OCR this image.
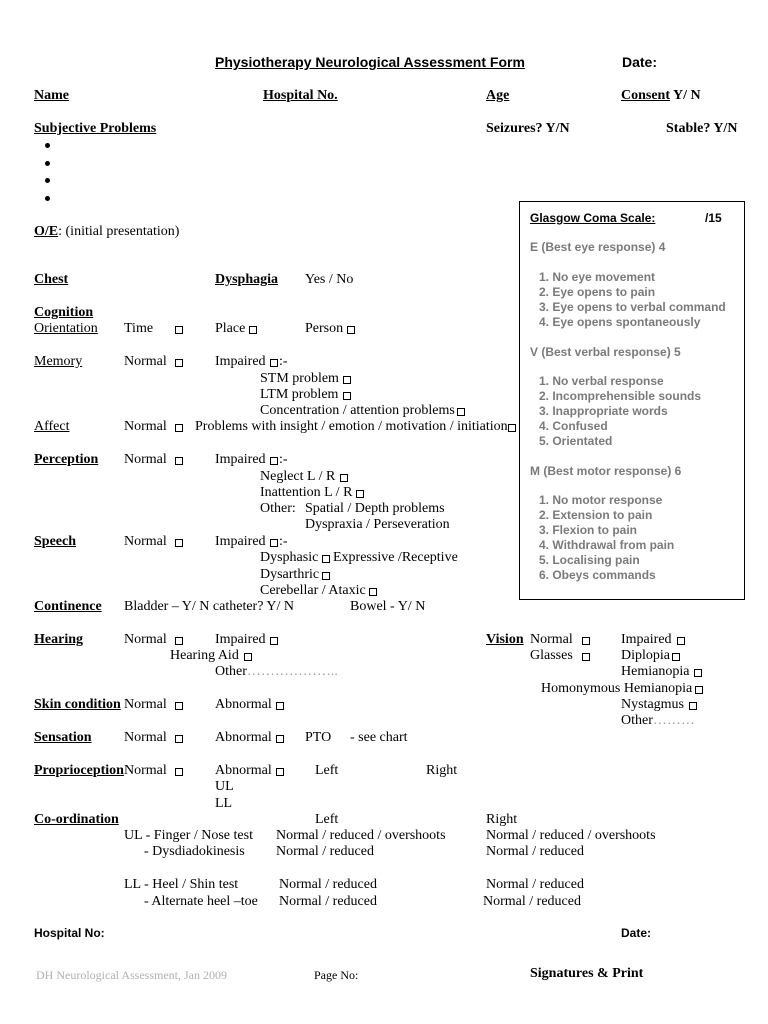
Physiotherapy Neurological Assessment Form	Date:
Name	Hospital No.	Age	Consent Y/ N
Subjective Problems	Seizures? Y/N	Stable? Y/N
O/E: (initial presentation)
Chest	Dysphagia Yes / No
Cognition
Orientation Time	Place	Person
Memory	Normal	Impaired :-
STM problem
LTM problem
Concentration / attention problems
Affect	Normal Problems with insight / emotion / motivation / initiation
Perception Normal	Impaired :-
Neglect L / R
Inattention L / R
Other: Spatial / Depth problems
Dyspraxia / Perseveration
Speech	Normal	Impaired :-
Dysphasic Expressive /Receptive
Dysarthric
Cerebellar / Ataxic
Continence Bladder – Y/ N catheter? Y/ N	Bowel - Y/ N
Hearing	Normal	Impaired
Hearing Aid
Other………………..
Vision Normal	Impaired
Glasses	Diplopia
Hemianopia
Homonymous Hemianopia
Nystagmus
Other………
Skin condition Normal	Abnormal
Sensation Normal	Abnormal PTO - see chart
Proprioception Normal	Abnormal	Left	Right
UL
LL
Co-ordination	Left	Right
UL - Finger / Nose test Normal / reduced / overshoots	Normal / reduced / overshoots
- Dysdiadokinesis Normal / reduced	Normal / reduced
LL - Heel / Shin test	Normal / reduced	Normal / reduced
- Alternate heel –toe Normal / reduced	Normal / reduced
Glasgow Coma Scale:	/15
E (Best eye response) 4
1. No eye movement
2. Eye opens to pain
3. Eye opens to verbal command
4. Eye opens spontaneously
V (Best verbal response) 5
1. No verbal response
2. Incomprehensible sounds
3. Inappropriate words
4. Confused
5. Orientated
M (Best motor response) 6
1. No motor response
2. Extension to pain
3. Flexion to pain
4. Withdrawal from pain
5. Localising pain
6. Obeys commands
Hospital No:	Date:
DH Neurological Assessment, Jan 2009	Page No:	Signatures & Print
